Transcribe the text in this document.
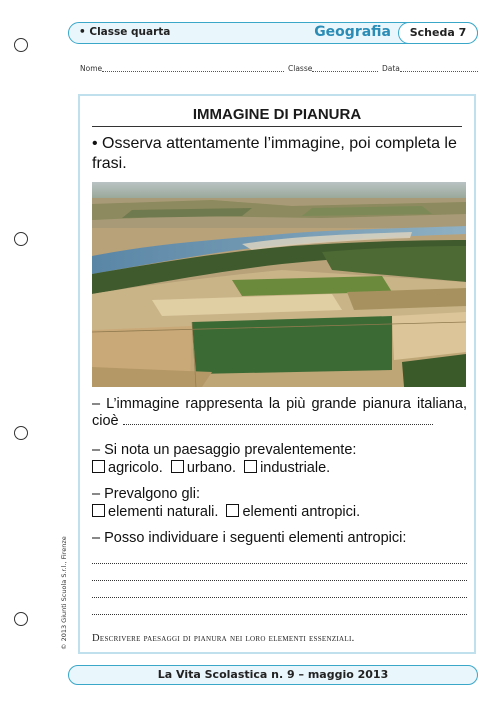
• Classe quarta	Geografia	Scheda 7
Nome	Classe	Data
© 2013 Giunti Scuola S.r.l., Firenze
IMMAGINE DI PIANURA
• Osserva attentamente l’immagine, poi completa le frasi.
– L’immagine rappresenta la più grande pianura italiana, cioè
– Si nota un paesaggio prevalentemente:
agricolo. urbano. industriale.
– Prevalgono gli:
elementi naturali. elementi antropici.
– Posso individuare i seguenti elementi antropici:
Descrivere paesaggi di pianura nei loro elementi essenziali.
La Vita Scolastica n. 9 – maggio 2013
